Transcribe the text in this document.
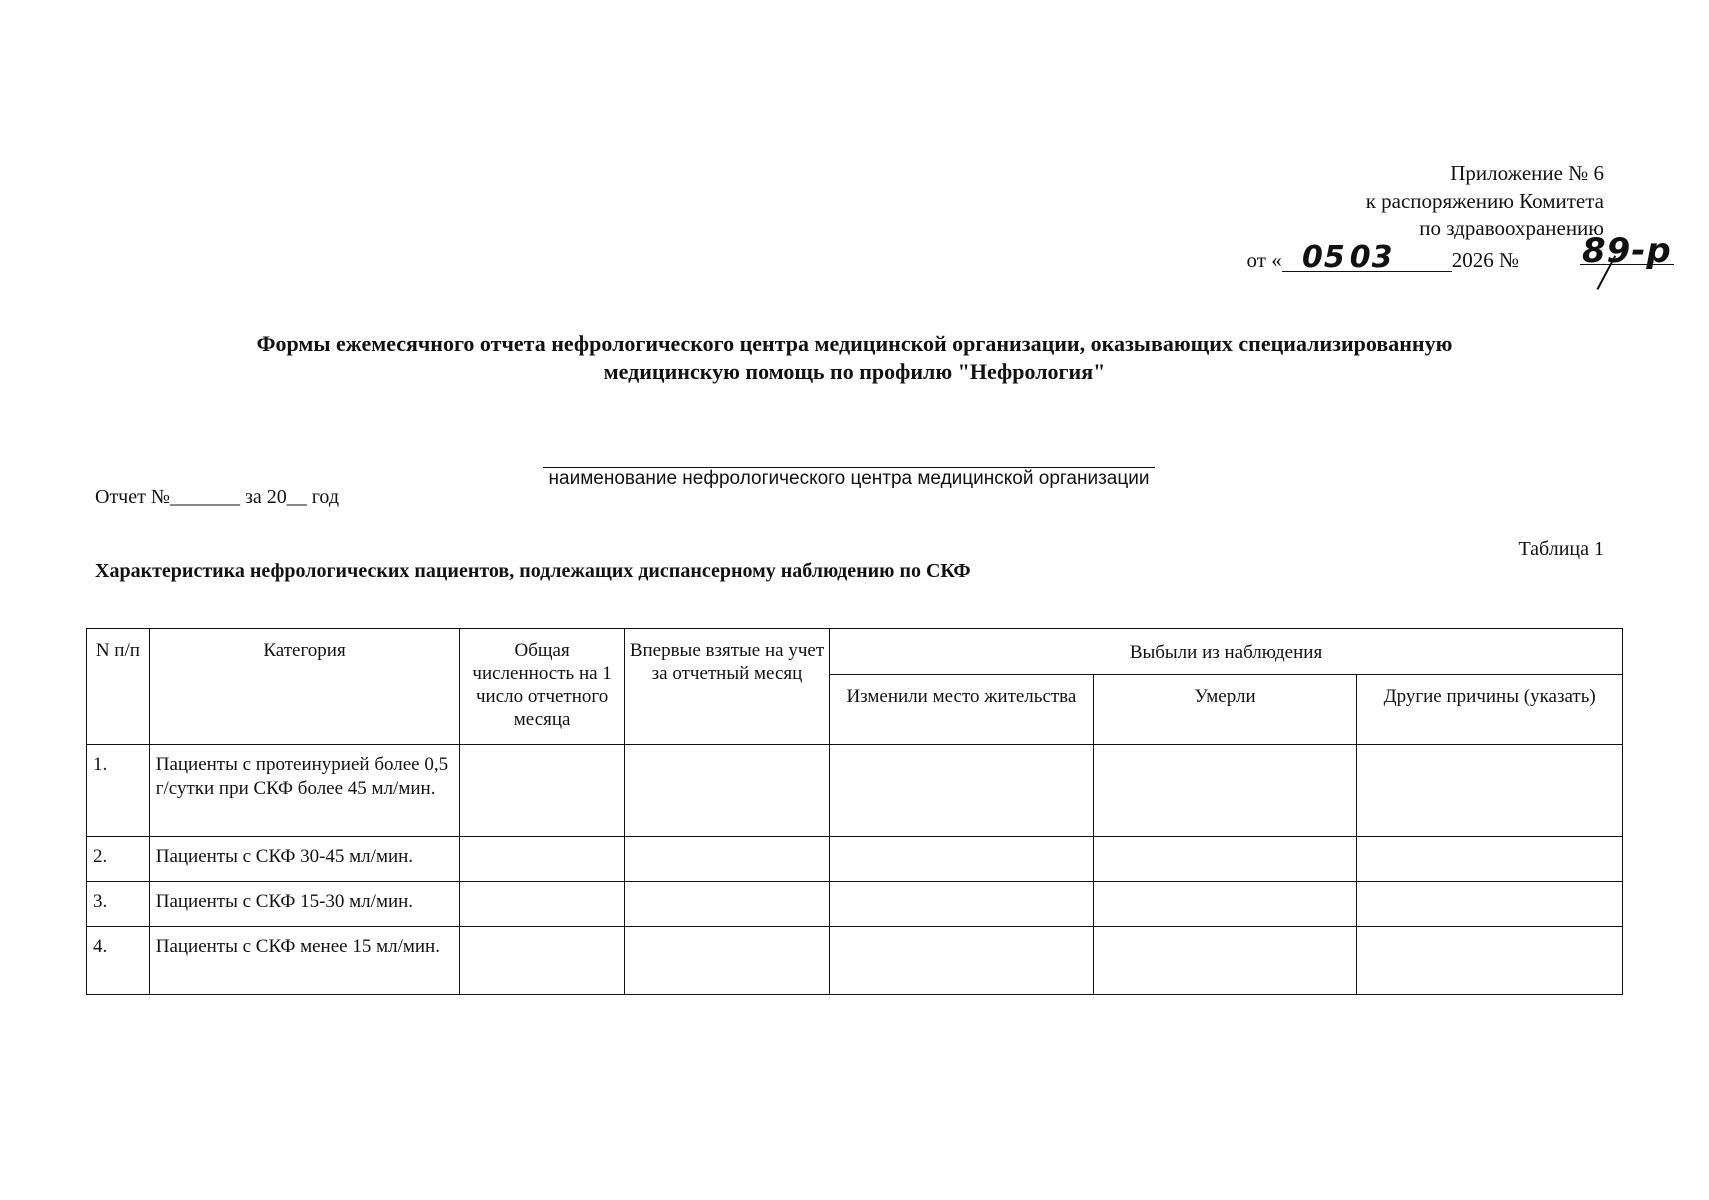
Приложение № 6
к распоряжению Комитета
по здравоохранению
от « 05 03	2026 № 89-р
Формы ежемесячного отчета нефрологического центра медицинской организации, оказывающих специализированную
медицинскую помощь по профилю "Нефрология"
наименование нефрологического центра медицинской организации
Отчет №_______ за 20__ год
Таблица 1
Характеристика нефрологических пациентов, подлежащих диспансерному наблюдению по СКФ
N п/п	Категория	Общая численность на 1 число отчетного месяца	Впервые взятые на учет за отчетный месяц	Выбыли из наблюдения		
				Изменили место жительства	Умерли	Другие причины (указать)
1.	Пациенты с протеинурией более 0,5 г/сутки при СКФ более 45 мл/мин.					
2.	Пациенты с СКФ 30-45 мл/мин.					
3.	Пациенты с СКФ 15-30 мл/мин.					
4.	Пациенты с СКФ менее 15 мл/мин.					
